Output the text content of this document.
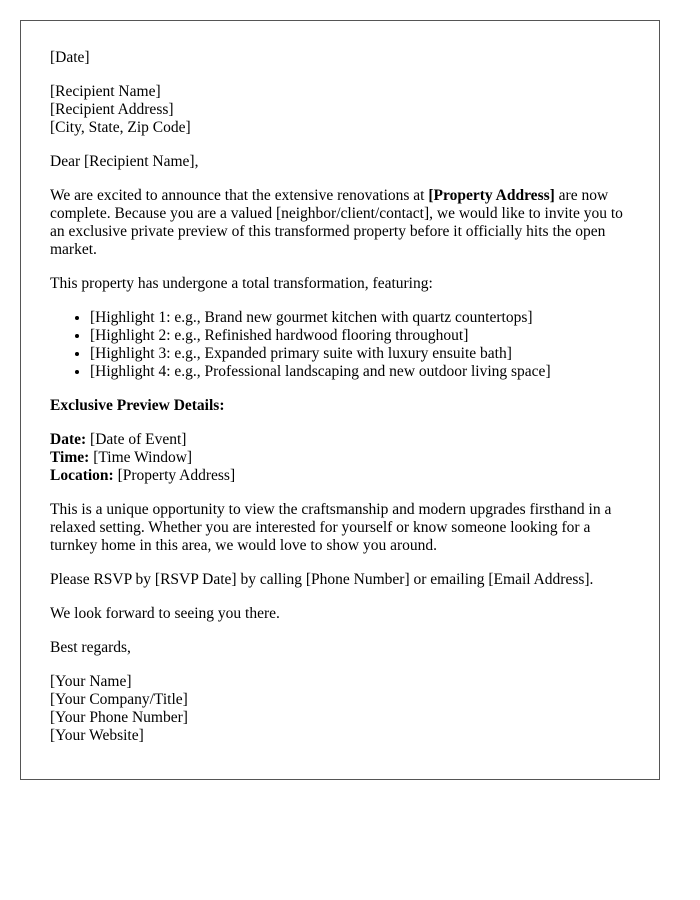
[Date]

[Recipient Name]
[Recipient Address]
[City, State, Zip Code]

Dear [Recipient Name],

We are excited to announce that the extensive renovations at [Property Address] are now complete. Because you are a valued [neighbor/client/contact], we would like to invite you to an exclusive private preview of this transformed property before it officially hits the open market.

This property has undergone a total transformation, featuring:

• [Highlight 1: e.g., Brand new gourmet kitchen with quartz countertops]
• [Highlight 2: e.g., Refinished hardwood flooring throughout]
• [Highlight 3: e.g., Expanded primary suite with luxury ensuite bath]
• [Highlight 4: e.g., Professional landscaping and new outdoor living space]

Exclusive Preview Details:

Date: [Date of Event]
Time: [Time Window]
Location: [Property Address]

This is a unique opportunity to view the craftsmanship and modern upgrades firsthand in a relaxed setting. Whether you are interested for yourself or know someone looking for a turnkey home in this area, we would love to show you around.

Please RSVP by [RSVP Date] by calling [Phone Number] or emailing [Email Address].

We look forward to seeing you there.

Best regards,

[Your Name]
[Your Company/Title]
[Your Phone Number]
[Your Website]
